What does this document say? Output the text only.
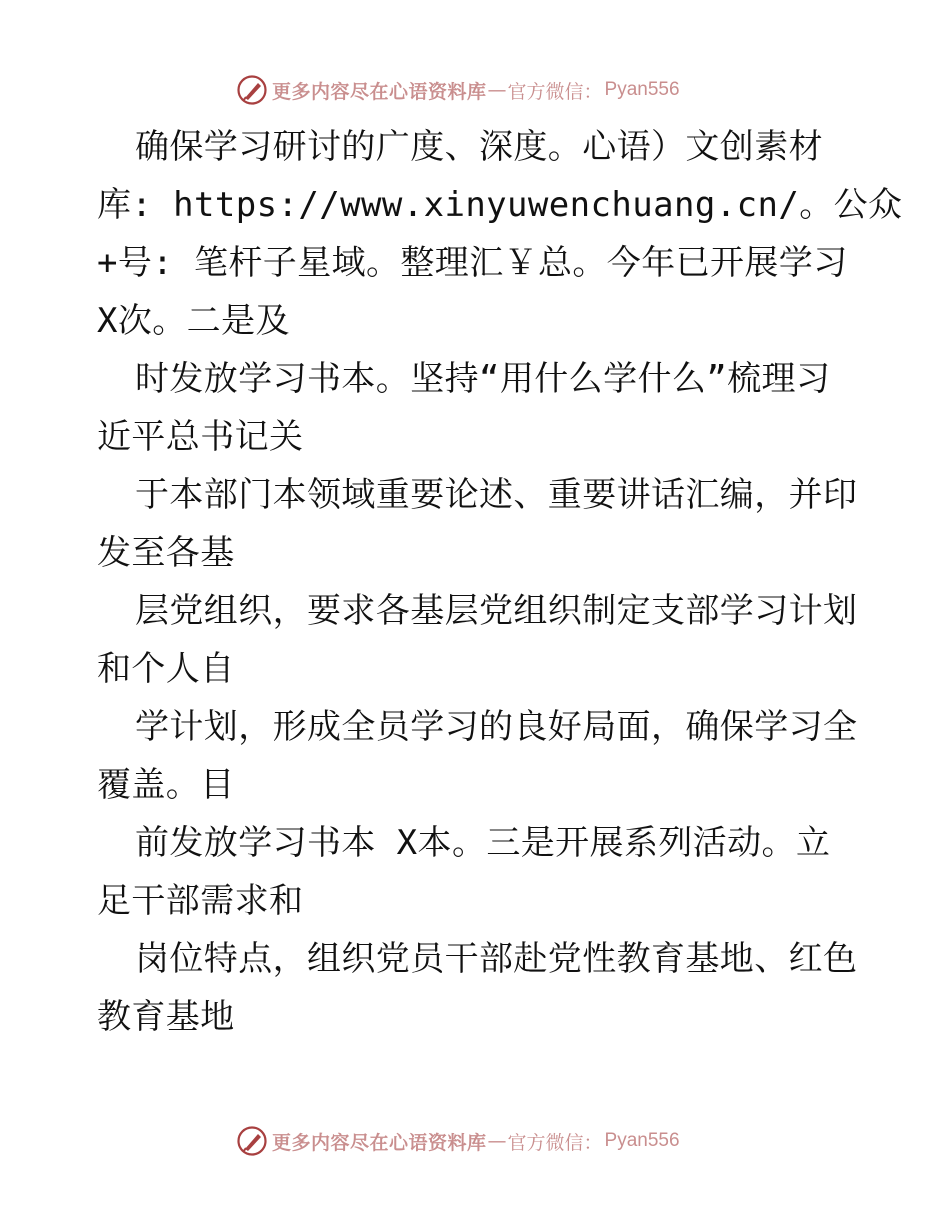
更多内容尽在心语资料库 — 官方微信： Pyan556
确保学习研讨的广度、深度。心语）文创素材
库: https://www.xinyuwenchuang.cn/。公众
+号: 笔杆子星域。整理汇￥总。今年已开展学习
X次。二是及
时发放学习书本。坚持“用什么学什么”梳理习
近平总书记关
于本部门本领域重要论述、重要讲话汇编，并印
发至各基
层党组织，要求各基层党组织制定支部学习计划
和个人自
学计划，形成全员学习的良好局面，确保学习全
覆盖。目
前发放学习书本 X本。三是开展系列活动。立
足干部需求和
岗位特点，组织党员干部赴党性教育基地、红色
教育基地
更多内容尽在心语资料库 — 官方微信： Pyan556
